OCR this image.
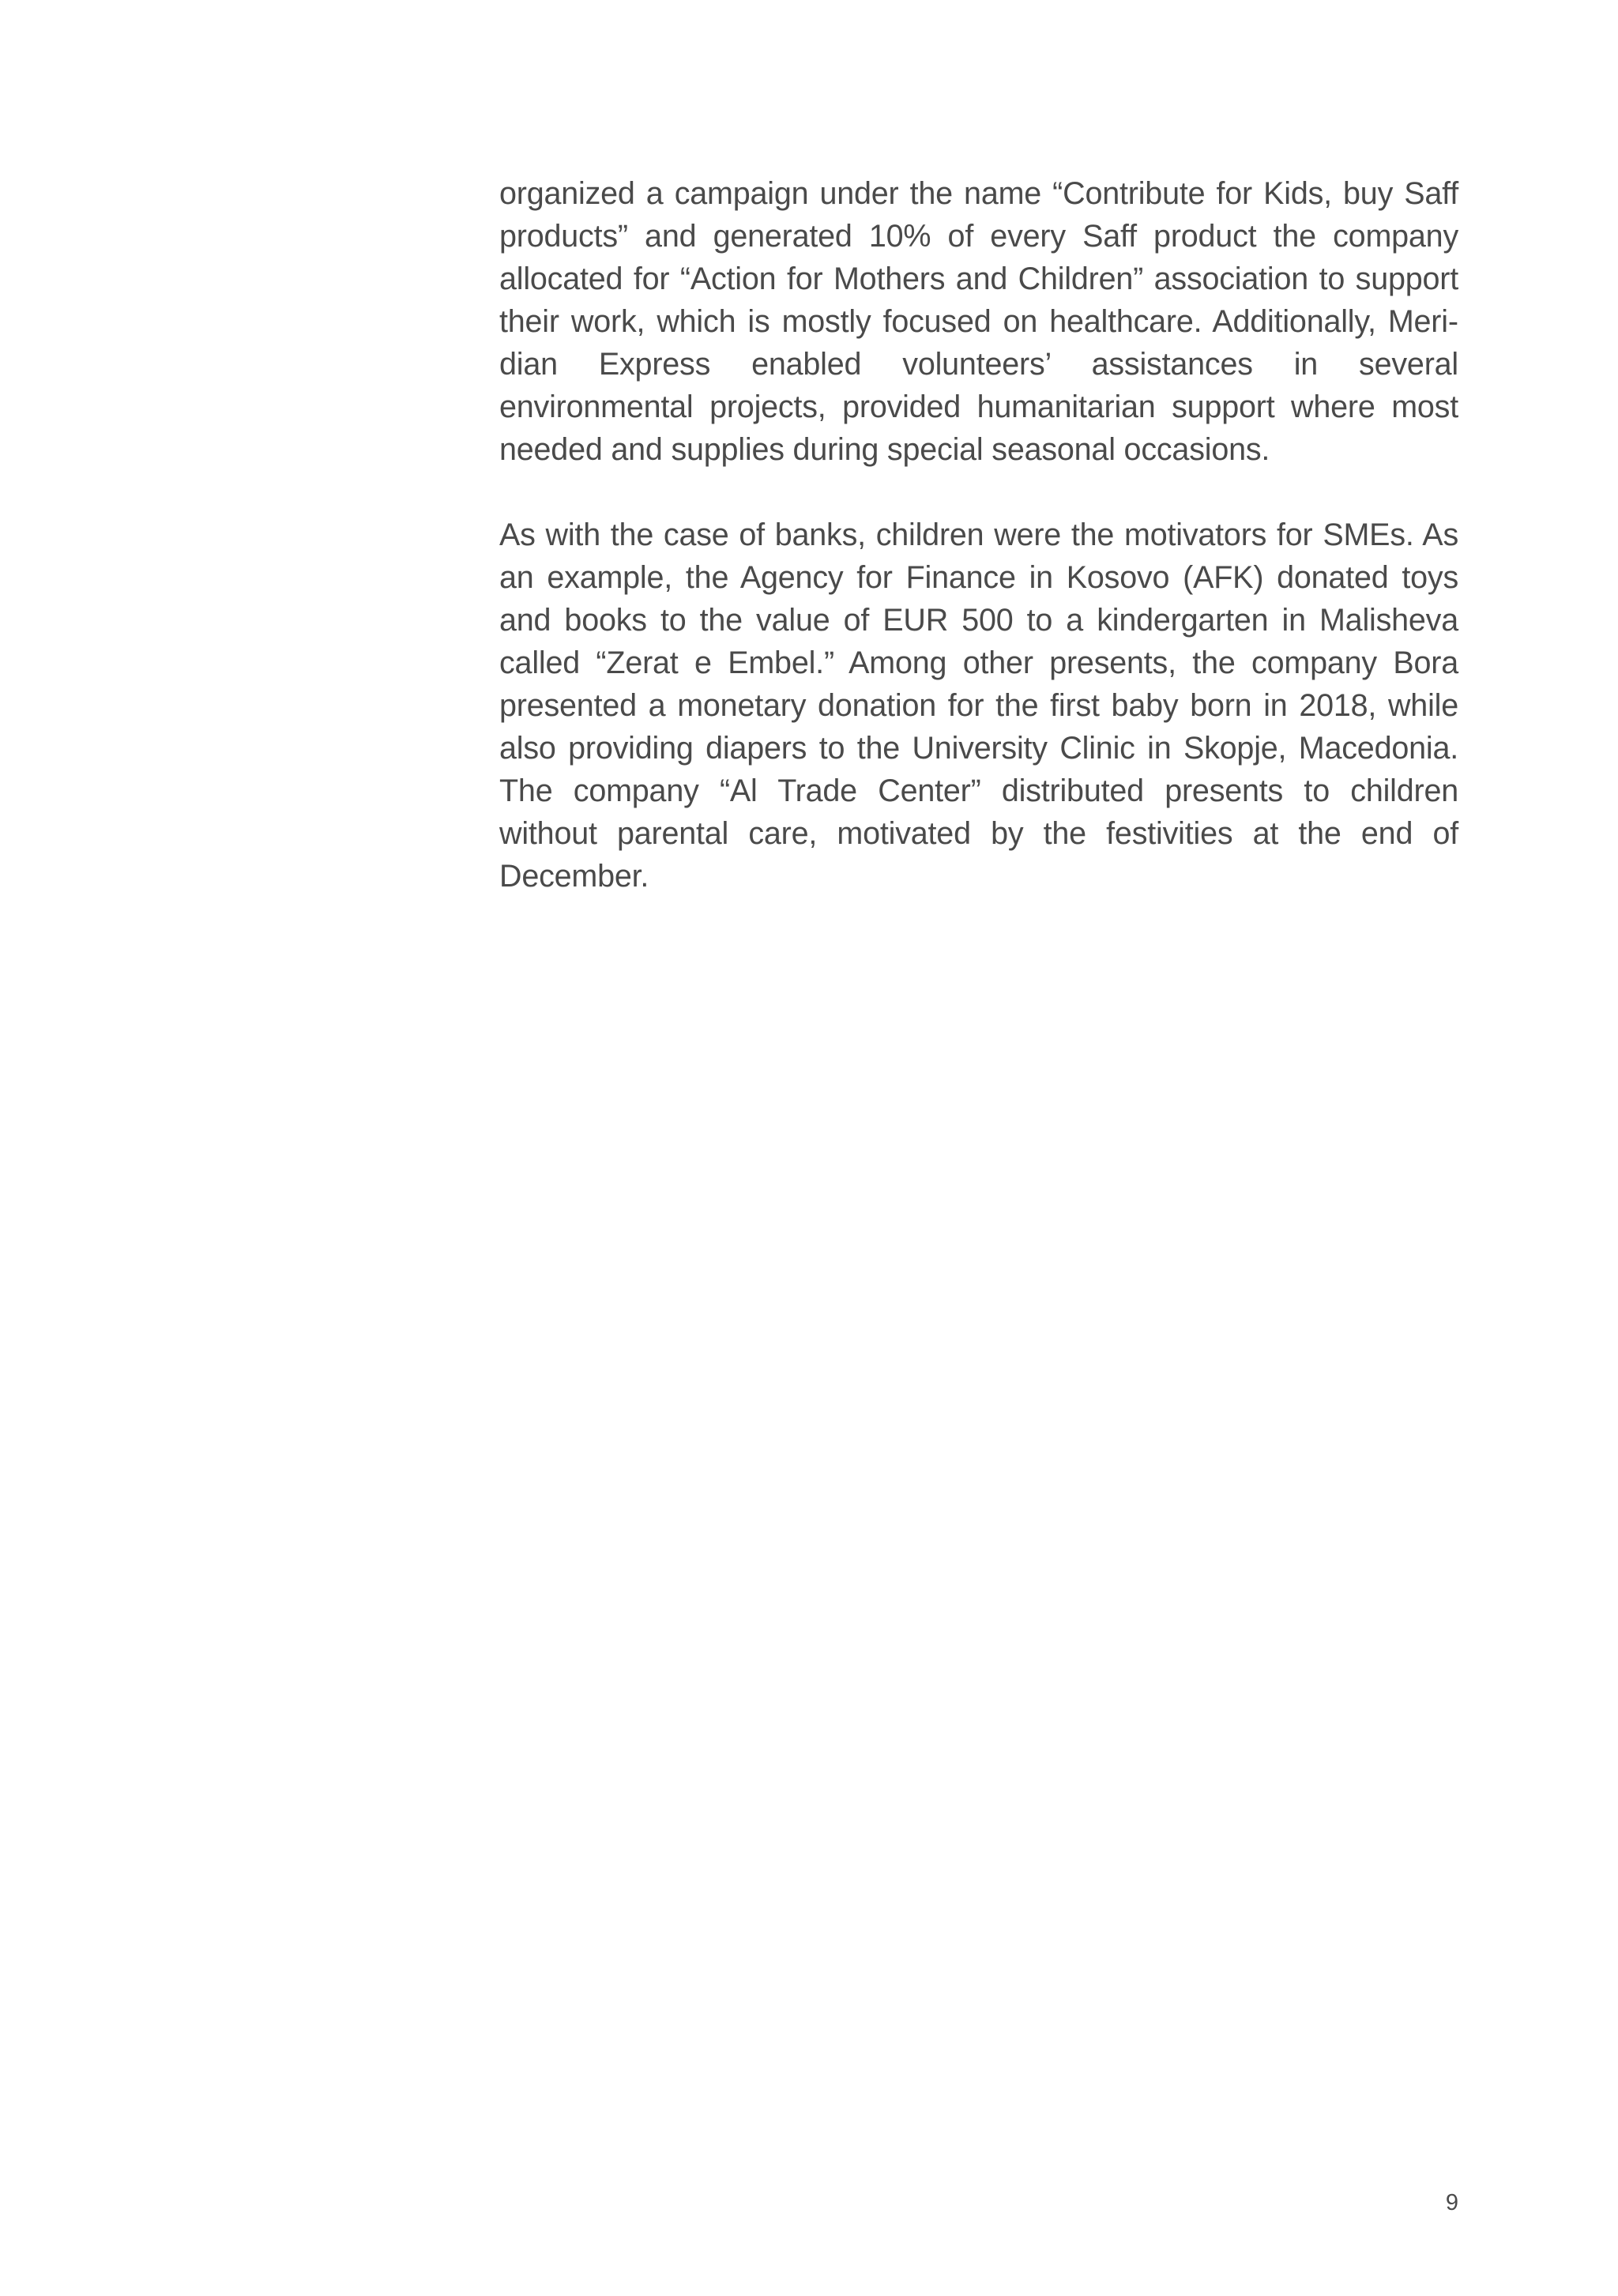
organized a campaign under the name “Contribute for Kids, buy Saff products” and generated 10% of every Saff product the company allocated for “Action for Mothers and Children” association to support their work, which is mostly focused on healthcare. Additionally, Meridian Express enabled volunteers’ assistances in several environmental projects, provided humanitarian support where most needed and supplies during special seasonal occasions.

As with the case of banks, children were the motivators for SMEs. As an example, the Agency for Finance in Kosovo (AFK) donated toys and books to the value of EUR 500 to a kindergarten in Malisheva called “Zerat e Embel.” Among other presents, the company Bora presented a monetary donation for the first baby born in 2018, while also providing diapers to the University Clinic in Skopje, Macedonia. The company “Al Trade Center” distributed presents to children without parental care, motivated by the festivities at the end of December.

9
